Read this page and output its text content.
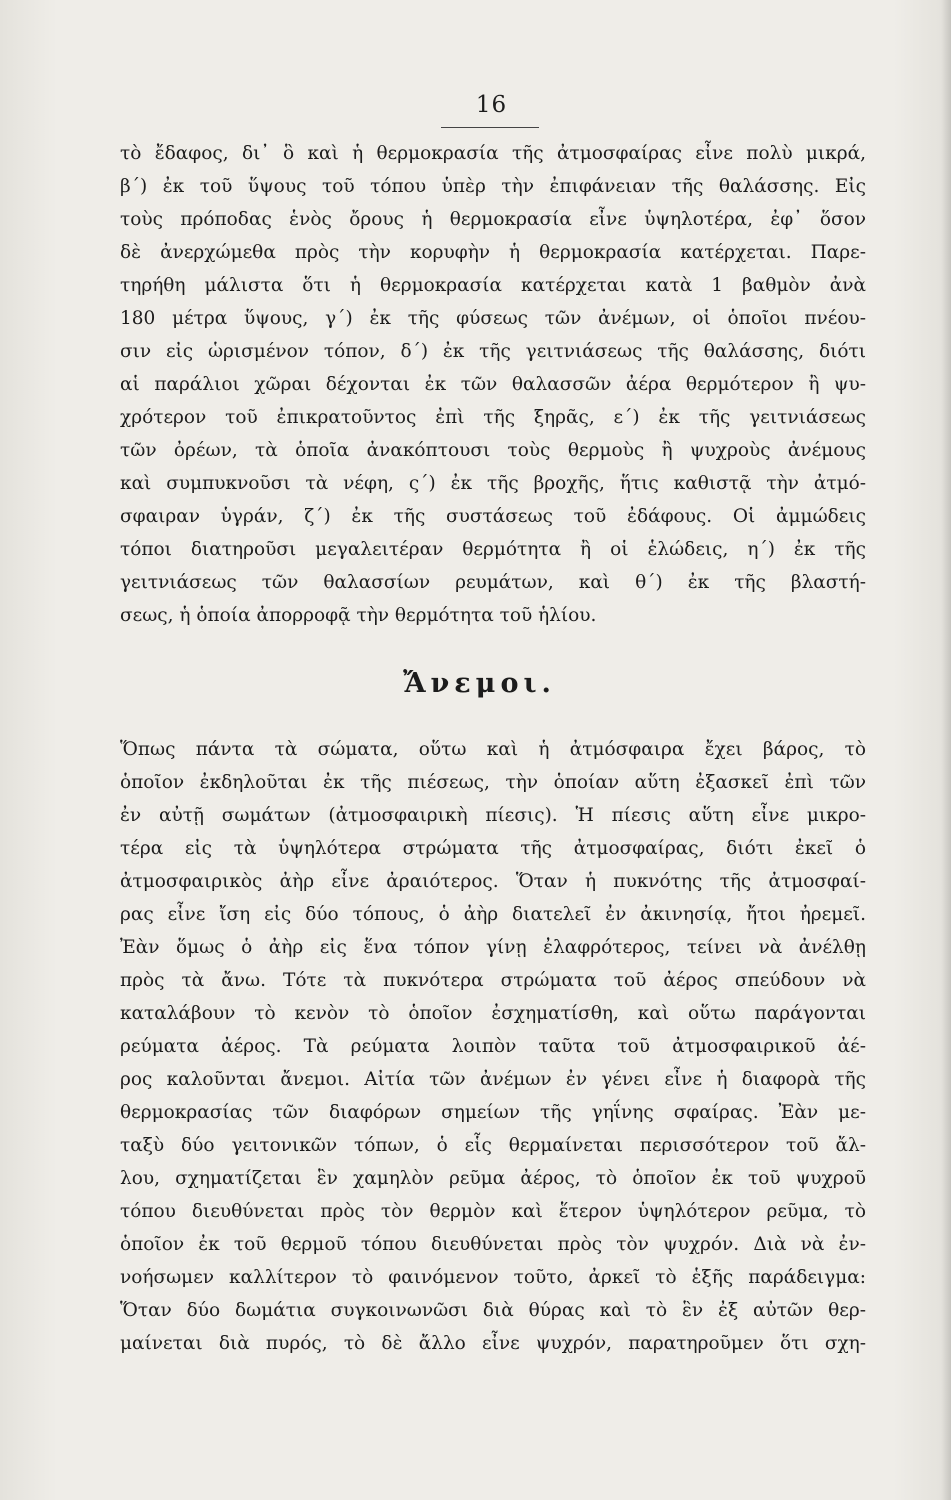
16
τὸ ἔδαφος, δι᾿ ὃ καὶ ἡ θερμοκρασία τῆς ἀτμοσφαίρας εἶνε πολὺ μικρά,
β΄) ἐκ τοῦ ὕψους τοῦ τόπου ὑπὲρ τὴν ἐπιφάνειαν τῆς θαλάσσης. Εἰς
τοὺς πρόποδας ἑνὸς ὄρους ἡ θερμοκρασία εἶνε ὑψηλοτέρα, ἐφ᾿ ὅσον
δὲ ἀνερχώμεθα πρὸς τὴν κορυφὴν ἡ θερμοκρασία κατέρχεται. Παρε-
τηρήθη μάλιστα ὅτι ἡ θερμοκρασία κατέρχεται κατὰ 1 βαθμὸν ἀνὰ
180 μέτρα ὕψους, γ΄) ἐκ τῆς φύσεως τῶν ἀνέμων, οἱ ὁποῖοι πνέου-
σιν εἰς ὡρισμένον τόπον, δ΄) ἐκ τῆς γειτνιάσεως τῆς θαλάσσης, διότι
αἱ παράλιοι χῶραι δέχονται ἐκ τῶν θαλασσῶν ἀέρα θερμότερον ἢ ψυ-
χρότερον τοῦ ἐπικρατοῦντος ἐπὶ τῆς ξηρᾶς, ε΄) ἐκ τῆς γειτνιάσεως
τῶν ὀρέων, τὰ ὁποῖα ἀνακόπτουσι τοὺς θερμοὺς ἢ ψυχροὺς ἀνέμους
καὶ συμπυκνοῦσι τὰ νέφη, ς΄) ἐκ τῆς βροχῆς, ἥτις καθιστᾷ τὴν ἀτμό-
σφαιραν ὑγράν, ζ΄) ἐκ τῆς συστάσεως τοῦ ἐδάφους. Οἱ ἀμμώδεις
τόποι διατηροῦσι μεγαλειτέραν θερμότητα ἢ οἱ ἑλώδεις, η΄) ἐκ τῆς
γειτνιάσεως τῶν θαλασσίων ρευμάτων, καὶ θ΄) ἐκ τῆς βλαστή-
σεως, ἡ ὁποία ἀπορροφᾷ τὴν θερμότητα τοῦ ἡλίου.
Ἄνεμοι.
Ὅπως πάντα τὰ σώματα, οὕτω καὶ ἡ ἀτμόσφαιρα ἔχει βάρος, τὸ
ὁποῖον ἐκδηλοῦται ἐκ τῆς πιέσεως, τὴν ὁποίαν αὕτη ἐξασκεῖ ἐπὶ τῶν
ἐν αὐτῇ σωμάτων (ἀτμοσφαιρικὴ πίεσις). Ἡ πίεσις αὕτη εἶνε μικρο-
τέρα εἰς τὰ ὑψηλότερα στρώματα τῆς ἀτμοσφαίρας, διότι ἐκεῖ ὁ
ἀτμοσφαιρικὸς ἀὴρ εἶνε ἀραιότερος. Ὅταν ἡ πυκνότης τῆς ἀτμοσφαί-
ρας εἶνε ἴση εἰς δύο τόπους, ὁ ἀὴρ διατελεῖ ἐν ἀκινησίᾳ, ἤτοι ἠρεμεῖ.
Ἐὰν ὅμως ὁ ἀὴρ εἰς ἕνα τόπον γίνῃ ἐλαφρότερος, τείνει νὰ ἀνέλθῃ
πρὸς τὰ ἄνω. Τότε τὰ πυκνότερα στρώματα τοῦ ἀέρος σπεύδουν νὰ
καταλάβουν τὸ κενὸν τὸ ὁποῖον ἐσχηματίσθη, καὶ οὕτω παράγονται
ρεύματα ἀέρος. Τὰ ρεύματα λοιπὸν ταῦτα τοῦ ἀτμοσφαιρικοῦ ἀέ-
ρος καλοῦνται ἄνεμοι. Αἰτία τῶν ἀνέμων ἐν γένει εἶνε ἡ διαφορὰ τῆς
θερμοκρασίας τῶν διαφόρων σημείων τῆς γηΐνης σφαίρας. Ἐὰν με-
ταξὺ δύο γειτονικῶν τόπων, ὁ εἷς θερμαίνεται περισσότερον τοῦ ἄλ-
λου, σχηματίζεται ἓν χαμηλὸν ρεῦμα ἀέρος, τὸ ὁποῖον ἐκ τοῦ ψυχροῦ
τόπου διευθύνεται πρὸς τὸν θερμὸν καὶ ἕτερον ὑψηλότερον ρεῦμα, τὸ
ὁποῖον ἐκ τοῦ θερμοῦ τόπου διευθύνεται πρὸς τὸν ψυχρόν. Διὰ νὰ ἐν-
νοήσωμεν καλλίτερον τὸ φαινόμενον τοῦτο, ἀρκεῖ τὸ ἑξῆς παράδειγμα:
Ὅταν δύο δωμάτια συγκοινωνῶσι διὰ θύρας καὶ τὸ ἓν ἐξ αὐτῶν θερ-
μαίνεται διὰ πυρός, τὸ δὲ ἄλλο εἶνε ψυχρόν, παρατηροῦμεν ὅτι σχη-
